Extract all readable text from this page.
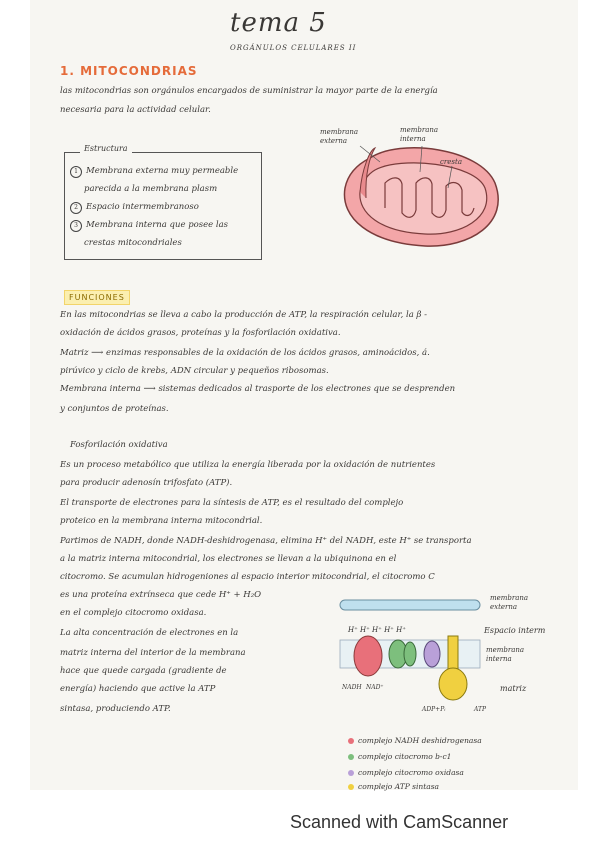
tema 5
ORGÁNULOS CELULARES II
1. MITOCONDRIAS
las mitocondrias son orgánulos encargados de suministrar la mayor parte de la energía
necesaria para la actividad celular.
Estructura
1 Membrana externa muy permeable
parecida a la membrana plasm
2 Espacio intermembranoso
3 Membrana interna que posee las
crestas mitocondriales
membrana
externa
membrana
interna
cresta
FUNCIONES
En las mitocondrias se lleva a cabo la producción de ATP, la respiración celular, la β -
oxidación de ácidos grasos, proteínas y la fosforilación oxidativa.
Matriz ⟶ enzimas responsables de la oxidación de los ácidos grasos, aminoácidos, á.
pirúvico y ciclo de krebs, ADN circular y pequeños ribosomas.
Membrana interna ⟶ sistemas dedicados al trasporte de los electrones que se desprenden
y conjuntos de proteínas.
Fosforilación oxidativa
Es un proceso metabólico que utiliza la energía liberada por la oxidación de nutrientes
para producir adenosín trifosfato (ATP).
El transporte de electrones para la síntesis de ATP, es el resultado del complejo
proteico en la membrana interna mitocondrial.
Partimos de NADH, donde NADH-deshidrogenasa, elimina H⁺ del NADH, este H⁺ se transporta
a la matriz interna mitocondrial, los electrones se llevan a la ubiquinona en el
citocromo. Se acumulan hidrogeniones al espacio interior mitocondrial, el citocromo C
es una proteína extrínseca que cede H⁺ + H₂O
en el complejo citocromo oxidasa.
La alta concentración de electrones en la
matriz interna del interior de la membrana
hace que quede cargada (gradiente de
energía) haciendo que active la ATP
sintasa, produciendo ATP.
H⁺ H⁺ H⁺ H⁺ H⁺
membrana
externa
Espacio interm
membrana
interna
matriz
NADH NAD⁺
ADP+Pᵢ	ATP
complejo NADH deshidrogenasa
complejo citocromo b-c1
complejo citocromo oxidasa
complejo ATP sintasa
Scanned with CamScanner
